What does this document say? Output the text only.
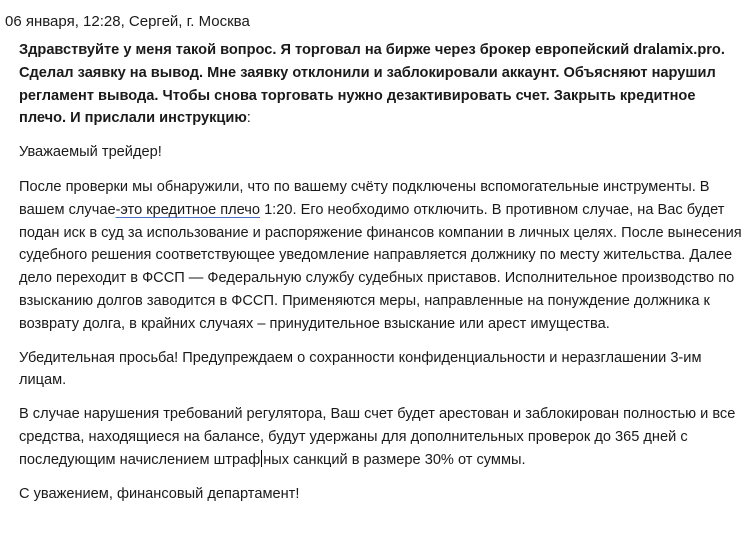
06 января, 12:28, Сергей, г. Москва

Здравствуйте у меня такой вопрос. Я торговал на бирже через брокер европейский dralamix.pro. Сделал заявку на вывод. Мне заявку отклонили и заблокировали аккаунт. Объясняют нарушил регламент вывода. Чтобы снова торговать нужно дезактивировать счет. Закрыть кредитное плечо. И прислали инструкцию:

Уважаемый трейдер!

После проверки мы обнаружили, что по вашему счёту подключены вспомогательные инструменты. В вашем случае-это кредитное плечо 1:20. Его необходимо отключить. В противном случае, на Вас будет подан иск в суд за использование и распоряжение финансов компании в личных целях. После вынесения судебного решения соответствующее уведомление направляется должнику по месту жительства. Далее дело переходит в ФССП — Федеральную службу судебных приставов. Исполнительное производство по взысканию долгов заводится в ФССП. Применяются меры, направленные на понуждение должника к возврату долга, в крайних случаях – принудительное взыскание или арест имущества.

Убедительная просьба! Предупреждаем о сохранности конфиденциальности и неразглашении 3-им лицам.

В случае нарушения требований регулятора, Ваш счет будет арестован и заблокирован полностью и все средства, находящиеся на балансе, будут удержаны для дополнительных проверок до 365 дней с последующим начислением штраф ных санкций в размере 30% от суммы.

С уважением, финансовый департамент!
